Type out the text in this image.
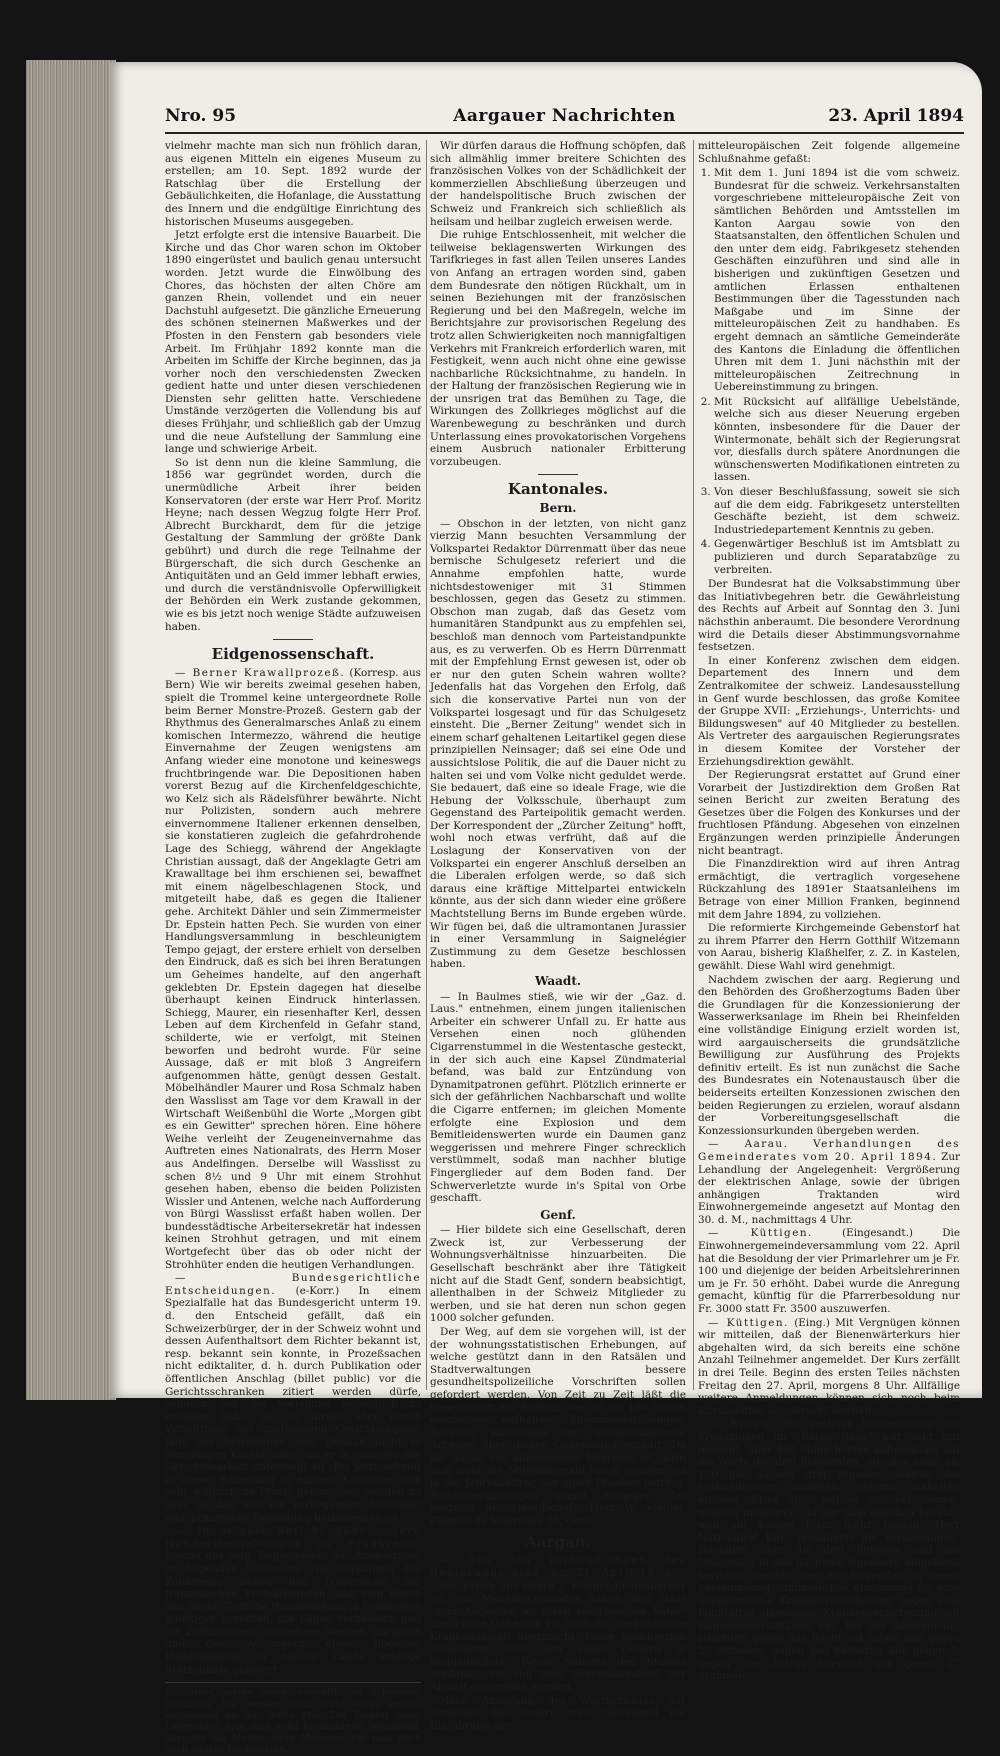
Nro. 95	Aargauer Nachrichten	23. April 1894

vielmehr machte man sich nun fröhlich daran, aus eigenen Mitteln ein eigenes Museum zu erstellen; am 10. Sept. 1892 wurde der Ratschlag über die Erstellung der Gebäulichkeiten, die Hofanlage, die Ausstattung des Innern und die endgültige Einrichtung des historischen Museums ausgegeben.

Jetzt erfolgte erst die intensive Bauarbeit. Die Kirche und das Chor waren schon im Oktober 1890 eingerüstet und baulich genau untersucht worden. Jetzt wurde die Einwölbung des Chores, das höchsten der alten Chöre am ganzen Rhein, vollendet und ein neuer Dachstuhl aufgesetzt. Die gänzliche Erneuerung des schönen steinernen Maßwerkes und der Pfosten in den Fenstern gab besonders viele Arbeit. Im Frühjahr 1892 konnte man die Arbeiten im Schiffe der Kirche beginnen, das ja vorher noch den verschiedensten Zwecken gedient hatte und unter diesen verschiedenen Diensten sehr gelitten hatte. Verschiedene Umstände verzögerten die Vollendung bis auf dieses Frühjahr, und schließlich gab der Umzug und die neue Aufstellung der Sammlung eine lange und schwierige Arbeit.

So ist denn nun die kleine Sammlung, die 1856 war gegründet worden, durch die unermüdliche Arbeit ihrer beiden Konservatoren (der erste war Herr Prof. Moritz Heyne; nach dessen Wegzug folgte Herr Prof. Albrecht Burckhardt, dem für die jetzige Gestaltung der Sammlung der größte Dank gebührt) und durch die rege Teilnahme der Bürgerschaft, die sich durch Geschenke an Antiquitäten und an Geld immer lebhaft erwies, und durch die verständnisvolle Opferwilligkeit der Behörden ein Werk zustande gekommen, wie es bis jetzt noch wenige Städte aufzuweisen haben.

Eidgenossenschaft.

— Berner Krawallprozeß. (Korresp. aus Bern) Wie wir bereits zweimal gesehen haben, spielt die Trommel keine untergeordnete Rolle beim Berner Monstre-Prozeß. Gestern gab der Rhythmus des Generalmarsches Anlaß zu einem komischen Intermezzo, während die heutige Einvernahme der Zeugen wenigstens am Anfang wieder eine monotone und keineswegs fruchtbringende war. Die Depositionen haben vorerst Bezug auf die Kirchenfeldgeschichte, wo Kelz sich als Rädelsführer bewährte. Nicht nur Polizisten, sondern auch mehrere einvernommene Italiener erkennen denselben, sie konstatieren zugleich die gefahrdrohende Lage des Schiegg, während der Angeklagte Christian aussagt, daß der Angeklagte Getri am Krawalltage bei ihm erschienen sei, bewaffnet mit einem nägelbeschlagenen Stock, und mitgeteilt habe, daß es gegen die Italiener gehe. Architekt Dähler und sein Zimmermeister Dr. Epstein hatten Pech. Sie wurden von einer Handlungsversammlung in beschleunigtem Tempo gejagt, der erstere erhielt von derselben den Eindruck, daß es sich bei ihren Beratungen um Geheimes handelte, auf den angerhaft geklebten Dr. Epstein dagegen hat dieselbe überhaupt keinen Eindruck hinterlassen. Schiegg, Maurer, ein riesenhafter Kerl, dessen Leben auf dem Kirchenfeld in Gefahr stand, schilderte, wie er verfolgt, mit Steinen beworfen und bedroht wurde. Für seine Aussage, daß er mit bloß 3 Angreifern aufgenommen hätte, genügt dessen Gestalt. Möbelhändler Maurer und Rosa Schmalz haben den Wasslisst am Tage vor dem Krawall in der Wirtschaft Weißenbühl die Worte „Morgen gibt es ein Gewitter" sprechen hören. Eine höhere Weihe verleiht der Zeugeneinvernahme das Auftreten eines Nationalrats, des Herrn Moser aus Andelfingen. Derselbe will Wasslisst zu schen 8½ und 9 Uhr mit einem Strohhut gesehen haben, ebenso die beiden Polizisten Wissler und Antenen, welche nach Aufforderung von Bürgi Wasslisst erfaßt haben wollen. Der bundesstädtische Arbeitersekretär hat indessen keinen Strohhut getragen, und mit einem Wortgefecht über das ob oder nicht der Strohhüter enden die heutigen Verhandlungen.

— Bundesgerichtliche Entscheidungen. (e-Korr.) In einem Spezialfalle hat das Bundesgericht unterm 19. d. den Entscheid gefällt, daß ein Schweizerbürger, der in der Schweiz wohnt und dessen Aufenthaltsort dem Richter bekannt ist, resp. bekannt sein konnte, in Prozeßsachen nicht ediktaliter, d. h. durch Publikation oder öffentlichen Anschlag (billet public) vor die Gerichtsschranken zitiert werden dürfe, sondern daß die Vorladung persönlich zu erfolgen habe, sei es direkt oder durch Vermittlung der zuständigen Gerichtsorgane, falls der Betreffende sein Domizil nicht in demjenigen Kanton habe, wo er in concreto der Gerichtsbarkeit unterstellt ist. Bis jetzt scheint in dieser Beziehung in einigen Kantonen eine sehr willkürliche Praxis gehandhabt worden zu sein, so daß nun ein vorliegenden Entscheid eine prinzipielle Bedeutung beizumessen ist.

— In seinem Bericht über unsere Handelsbeziehungen zu Frankreich kommt das eidg. Departement des Auswärtigen zu folgenden Schlüssen: Die Wirkungen des Zollkrieges haben das Trügerische der französischen Protektionisten, daß sich durch den neuen Tarif die Handelsbilanz in Frankreich günstiger gestalten, die Löhne verbessern und die Zolleinnahme vermehren werden, dargetan und den Anhängern einer liberalen Handelspolitik in diesem Lande kräftige Stützpunkte geliefert.

Schuldner, meine guten, vortrefflichen Schuldner, besuchen. Sie werden mich wohl etwas anders empfangen als das letzte Mal. Die Tochter eines Lieferanten mag man wohl hochfahrend behandeln, aber für die Mutter einer Marquise hat man doch noch andere Rücksichten."

Wir dürfen daraus die Hoffnung schöpfen, daß sich allmählig immer breitere Schichten des französischen Volkes von der Schädlichkeit der kommerziellen Abschließung überzeugen und der handelspolitische Bruch zwischen der Schweiz und Frankreich sich schließlich als heilsam und heilbar zugleich erweisen werde.

Die ruhige Entschlossenheit, mit welcher die teilweise beklagenswerten Wirkungen des Tarifkrieges in fast allen Teilen unseres Landes von Anfang an ertragen worden sind, gaben dem Bundesrate den nötigen Rückhalt, um in seinen Beziehungen mit der französischen Regierung und bei den Maßregeln, welche im Berichtsjahre zur provisorischen Regelung des trotz allen Schwierigkeiten noch mannigfaltigen Verkehrs mit Frankreich erforderlich waren, mit Festigkeit, wenn auch nicht ohne eine gewisse nachbarliche Rücksichtnahme, zu handeln. In der Haltung der französischen Regierung wie in der unsrigen trat das Bemühen zu Tage, die Wirkungen des Zollkrieges möglichst auf die Warenbewegung zu beschränken und durch Unterlassung eines provokatorischen Vorgehens einem Ausbruch nationaler Erbitterung vorzubeugen.

Kantonales.
Bern.

— Obschon in der letzten, von nicht ganz vierzig Mann besuchten Versammlung der Volkspartei Redaktor Dürrenmatt über das neue bernische Schulgesetz referiert und die Annahme empfohlen hatte, wurde nichtsdestoweniger mit 31 Stimmen beschlossen, gegen das Gesetz zu stimmen. Obschon man zugab, daß das Gesetz vom humanitären Standpunkt aus zu empfehlen sei, beschloß man dennoch vom Parteistandpunkte aus, es zu verwerfen. Ob es Herrn Dürrenmatt mit der Empfehlung Ernst gewesen ist, oder ob er nur den guten Schein wahren wollte? Jedenfalls hat das Vorgehen den Erfolg, daß sich die konservative Partei nun von der Volkspartei losgesagt und für das Schulgesetz einsteht. Die „Berner Zeitung" wendet sich in einem scharf gehaltenen Leitartikel gegen diese prinzipiellen Neinsager; daß sei eine Ode und aussichtslose Politik, die auf die Dauer nicht zu halten sei und vom Volke nicht geduldet werde. Sie bedauert, daß eine so ideale Frage, wie die Hebung der Volksschule, überhaupt zum Gegenstand des Parteipolitik gemacht werden. Der Korrespondent der „Zürcher Zeitung" hofft, wohl noch etwas verfrüht, daß auf die Loslagung der Konservativen von der Volkspartei ein engerer Anschluß derselben an die Liberalen erfolgen werde, so daß sich daraus eine kräftige Mittelpartei entwickeln könnte, aus der sich dann wieder eine größere Machtstellung Berns im Bunde ergeben würde. Wir fügen bei, daß die ultramontanen Jurassier in einer Versammlung in Saignelégier Zustimmung zu dem Gesetze beschlossen haben.

Waadt.

— In Baulmes stieß, wie wir der „Gaz. d. Laus." entnehmen, einem jungen italienischen Arbeiter ein schwerer Unfall zu. Er hatte aus Versehen einen noch glühenden Cigarrenstummel in die Westentasche gesteckt, in der sich auch eine Kapsel Zündmaterial befand, was bald zur Entzündung von Dynamitpatronen geführt. Plötzlich erinnerte er sich der gefährlichen Nachbarschaft und wollte die Cigarre entfernen; im gleichen Momente erfolgte eine Explosion und dem Bemitleidenswerten wurde ein Daumen ganz weggerissen und mehrere Finger schrecklich verstümmelt, sodaß man nachher blutige Fingerglieder auf dem Boden fand. Der Schwerverletzte wurde in's Spital von Orbe geschafft.

Genf.

— Hier bildete sich eine Gesellschaft, deren Zweck ist, zur Verbesserung der Wohnungsverhältnisse hinzuarbeiten. Die Gesellschaft beschränkt aber ihre Tätigkeit nicht auf die Stadt Genf, sondern beabsichtigt, allenthalben in der Schweiz Mitglieder zu werben, und sie hat deren nun schon gegen 1000 solcher gefunden.

Der Weg, auf dem sie vorgehen will, ist der der wohnungsstatistischen Erhebungen, auf welche gestützt dann in den Ratsälen und Stadtverwaltungen bessere gesundheitspolizeiliche Vorschriften sollen gefordert werden. Von Zeit zu Zeit läßt die Gesellschaft ein Bulletin von 50 bis 100 Seiten erscheinen, enthaltend Zusammenstellungen, Berichte, Ratschläge und wissenschaftliche Arbeiten über diesen Gegenstand enthält. Da die Sache von allgemeinem Interesse ist, wird sich wohl die Mitgliederzahl rasch mehren, da ja der Jahresbeitrag nur einen Franken beträgt. Beitrittserklärungen nimmt entgegen der Sekretär der Gesellschaft, Herr W. Viollier, Chemin de Villereuse 35, Genf.

Aargau.

— Aus den Verhandlungen des Regierungsrates vom 21. April 1894.

Die Erben des Herrn J. Fischer-Eichenberger sel. von Meisterschwanden haben dem Staat „zum Andenken an ihren verstorbenen Vater" die schöne Gabe von Fr. 5000 für die kantonale Krankenanstalt übermacht. Diese hochherzige Schenkung wird den edlen Gebern in verbindlichster Weise Namens des Staates verdankt. Sie soll dem Schenkungsfond der Anstalt einverleibt werden.

Nach Anhörung des Wortberichtes der Direktion des Innern wird betreffend die Einführung der

mitteleuropäischen Zeit folgende allgemeine Schlußnahme gefaßt:

1. Mit dem 1. Juni 1894 ist die vom schweiz. Bundesrat für die schweiz. Verkehrsanstalten vorgeschriebene mitteleuropäische Zeit von sämtlichen Behörden und Amtsstellen im Kanton Aargau sowie von den Staatsanstalten, den öffentlichen Schulen und den unter dem eidg. Fabrikgesetz stehenden Geschäften einzuführen und sind alle in bisherigen und zukünftigen Gesetzen und amtlichen Erlassen enthaltenen Bestimmungen über die Tagesstunden nach Maßgabe und im Sinne der mitteleuropäischen Zeit zu handhaben. Es ergeht demnach an sämtliche Gemeinderäte des Kantons die Einladung die öffentlichen Uhren mit dem 1. Juni nächsthin mit der mitteleuropäischen Zeitrechnung in Uebereinstimmung zu bringen.
2. Mit Rücksicht auf allfällige Uebelstände, welche sich aus dieser Neuerung ergeben könnten, insbesondere für die Dauer der Wintermonate, behält sich der Regierungsrat vor, diesfalls durch spätere Anordnungen die wünschenswerten Modifikationen eintreten zu lassen.
3. Von dieser Beschlußfassung, soweit sie sich auf die dem eidg. Fabrikgesetz unterstellten Geschäfte bezieht, ist dem schweiz. Industriedepartement Kenntnis zu geben.
4. Gegenwärtiger Beschluß ist im Amtsblatt zu publizieren und durch Separatabzüge zu verbreiten.

Der Bundesrat hat die Volksabstimmung über das Initiativbegehren betr. die Gewährleistung des Rechts auf Arbeit auf Sonntag den 3. Juni nächsthin anberaumt. Die besondere Verordnung wird die Details dieser Abstimmungsvornahme festsetzen.

In einer Konferenz zwischen dem eidgen. Departement des Innern und dem Zentralkomitee der schweiz. Landesausstellung in Genf wurde beschlossen, das große Komitee der Gruppe XVII: „Erziehungs-, Unterrichts- und Bildungswesen" auf 40 Mitglieder zu bestellen. Als Vertreter des aargauischen Regierungsrates in diesem Komitee der Vorsteher der Erziehungsdirektion gewählt.

Der Regierungsrat erstattet auf Grund einer Vorarbeit der Justizdirektion dem Großen Rat seinen Bericht zur zweiten Beratung des Gesetzes über die Folgen des Konkurses und der fruchtlosen Pfändung. Abgesehen von einzelnen Ergänzungen werden prinzipielle Änderungen nicht beantragt.

Die Finanzdirektion wird auf ihren Antrag ermächtigt, die vertraglich vorgesehene Rückzahlung des 1891er Staatsanleihens im Betrage von einer Million Franken, beginnend mit dem Jahre 1894, zu vollziehen.

Die reformierte Kirchgemeinde Gebenstorf hat zu ihrem Pfarrer den Herrn Gotthilf Witzemann von Aarau, bisherig Klaßhelfer, z. Z. in Kastelen, gewählt. Diese Wahl wird genehmigt.

Nachdem zwischen der aarg. Regierung und den Behörden des Großherzogtums Baden über die Grundlagen für die Konzessionierung der Wasserwerksanlage im Rhein bei Rheinfelden eine vollständige Einigung erzielt worden ist, wird aargauischerseits die grundsätzliche Bewilligung zur Ausführung des Projekts definitiv erteilt. Es ist nun zunächst die Sache des Bundesrates ein Notenaustausch über die beiderseits erteilten Konzessionen zwischen den beiden Regierungen zu erzielen, worauf alsdann der Vorbereitungsgesellschaft die Konzessionsurkunden übergeben werden.

— Aarau. Verhandlungen des Gemeinderates vom 20. April 1894. Zur Lehandlung der Angelegenheit: Vergrößerung der elektrischen Anlage, sowie der übrigen anhängigen Traktanden wird Einwohnergemeinde angesetzt auf Montag den 30. d. M., nachmittags 4 Uhr.

— Küttigen.	(Eingesandt.) Die Einwohnergemeindeversammlung vom 22. April hat die Besoldung der vier Primarlehrer um je Fr. 100 und diejenige der beiden Arbeitslehrerinnen um je Fr. 50 erhöht. Dabei wurde die Anregung gemacht, künftig für die Pfarrerbesoldung nur Fr. 3000 statt Fr. 3500 auszuwerfen.

— Küttigen. (Eing.) Mit Vergnügen können wir mitteilen, daß der Bienenwärterkurs hier abgehalten wird, da sich bereits eine schöne Anzahl Teilnehmer angemeldet. Der Kurs zerfällt in drei Teile. Beginn des ersten Teiles nächsten Freitag den 27. April, morgens 8 Uhr. Allfällige weitere Anmeldungen können sich noch beim Kurskomitee angebracht werden.

— Brugg. Die gestrige Versammlung der Freisinnigen im „Roten Haus" war sehr gut besucht; über 400 Mann hörten aufmerksam auf die Worte der drei Referenten, obschon mehr als 150 die ganzen drei Stunden, welche die Verhandlungen dauerten, stehend aushalten mußten. Etwa 200, welche zu spät kamen, mußten umkehren, da der Saal gänzlich besetzt, weil sie keinen Platz mehr fanden. Herr Nationalrat Kurz präsidierte die Versammlung. Nachdem über die drei Referate und die Diskussion in den nächsten Nummern eingehend berichtet werden; hier nur folgendes: In dieser Versammlung stimmten fast einstimmig für eine obligatorische Krankenversicherung gegen eine fakultative allgemeine Krankenversicherung mit Bundesunterstützung bei. Bei der Abstimmung stimmten gegen das Recht auf Arbeit alle gegen 23 Stimmen, gegen den Beutezug alle gegen 5, gegen den Antrag Greulich alle gegen 17 Stimmen.
